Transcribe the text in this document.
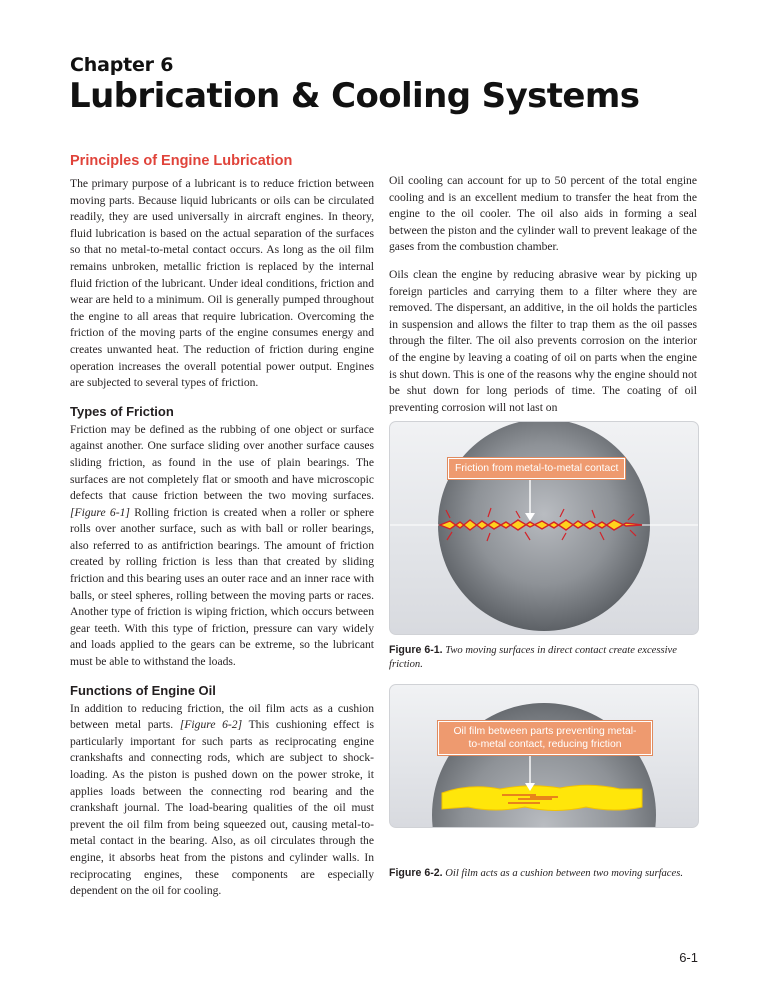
Chapter 6
Lubrication & Cooling Systems
Principles of Engine Lubrication

The primary purpose of a lubricant is to reduce friction between moving parts. Because liquid lubricants or oils can be circulated readily, they are used universally in aircraft engines. In theory, fluid lubrication is based on the actual separation of the surfaces so that no metal-to-metal contact occurs. As long as the oil film remains unbroken, metallic friction is replaced by the internal fluid friction of the lubricant. Under ideal conditions, friction and wear are held to a minimum. Oil is generally pumped throughout the engine to all areas that require lubrication. Overcoming the friction of the moving parts of the engine consumes energy and creates unwanted heat. The reduction of friction during engine operation increases the overall potential power output. Engines are subjected to several types of friction.

Types of Friction

Friction may be defined as the rubbing of one object or surface against another. One surface sliding over another surface causes sliding friction, as found in the use of plain bearings. The surfaces are not completely flat or smooth and have microscopic defects that cause friction between the two moving surfaces. [Figure 6-1] Rolling friction is created when a roller or sphere rolls over another surface, such as with ball or roller bearings, also referred to as antifriction bearings. The amount of friction created by rolling friction is less than that created by sliding friction and this bearing uses an outer race and an inner race with balls, or steel spheres, rolling between the moving parts or races. Another type of friction is wiping friction, which occurs between gear teeth. With this type of friction, pressure can vary widely and loads applied to the gears can be extreme, so the lubricant must be able to withstand the loads.

Functions of Engine Oil

In addition to reducing friction, the oil film acts as a cushion between metal parts. [Figure 6-2] This cushioning effect is particularly important for such parts as reciprocating engine crankshafts and connecting rods, which are subject to shock-loading. As the piston is pushed down on the power stroke, it applies loads between the connecting rod bearing and the crankshaft journal. The load-bearing qualities of the oil must prevent the oil film from being squeezed out, causing metal-to-metal contact in the bearing. Also, as oil circulates through the engine, it absorbs heat from the pistons and cylinder walls. In reciprocating engines, these components are especially dependent on the oil for cooling.

Oil cooling can account for up to 50 percent of the total engine cooling and is an excellent medium to transfer the heat from the engine to the oil cooler. The oil also aids in forming a seal between the piston and the cylinder wall to prevent leakage of the gases from the combustion chamber.

Oils clean the engine by reducing abrasive wear by picking up foreign particles and carrying them to a filter where they are removed. The dispersant, an additive, in the oil holds the particles in suspension and allows the filter to trap them as the oil passes through the filter. The oil also prevents corrosion on the interior of the engine by leaving a coating of oil on parts when the engine is shut down. This is one of the reasons why the engine should not be shut down for long periods of time. The coating of oil preventing corrosion will not last on

Friction from metal-to-metal contact
Figure 6-1. Two moving surfaces in direct contact create excessive friction.
Oil film between parts preventing metal-
to-metal contact, reducing friction
Figure 6-2. Oil film acts as a cushion between two moving surfaces.
6-1
